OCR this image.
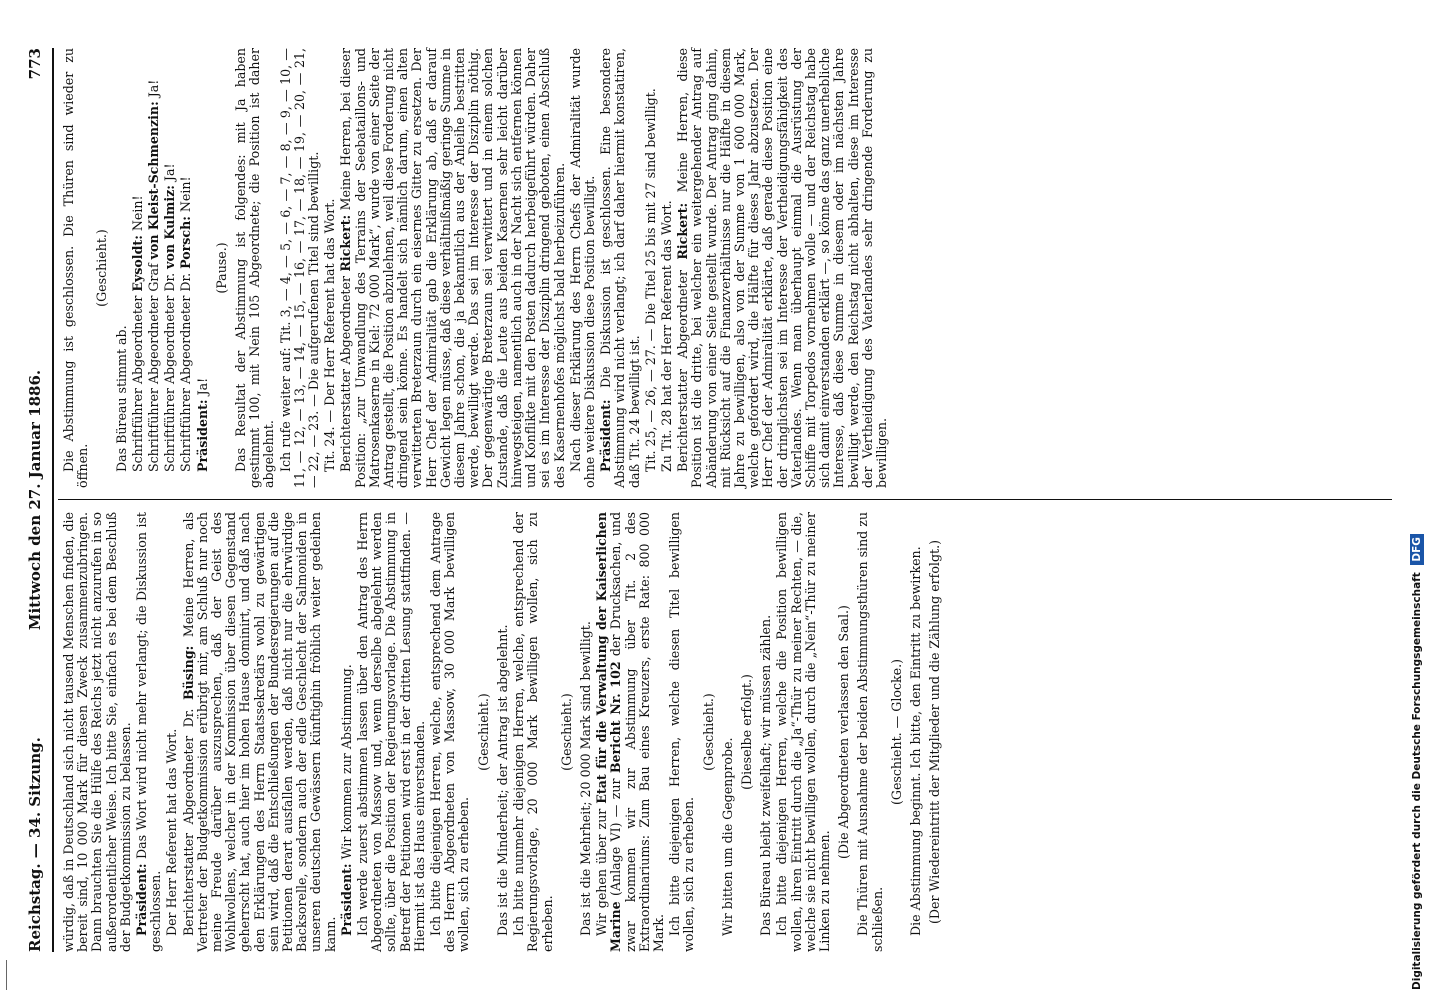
Reichstag. — 34. Sitzung.
Mittwoch den 27. Januar 1886.
773

würdig, daß in Deutschland sich nicht tausend Menschen finden, die bereit sind, 10 000 Mark für diesen Zweck zusammenzubringen. Dann brauchten Sie die Hülfe des Reichs jetzt nicht anzurufen in so außerordentlicher Weise. Ich bitte Sie, einfach es bei dem Beschluß der Budgetkommission zu belassen. Präsident: Das Wort wird nicht mehr verlangt; die Diskussion ist geschlossen. Der Herr Referent hat das Wort. Berichterstatter Abgeordneter Dr. Büsing: Meine Herren, als Vertreter der Budgetkommission erübrigt mir, am Schluß nur noch meine Freude darüber auszusprechen, daß der Geist des Wohlwollens, welcher in der Kommission über diesen Gegenstand geherrscht hat, auch hier im hohen Hause dominirt, und daß nach den Erklärungen des Herrn Staatssekretärs wohl zu gewärtigen sein wird, daß die Entschließungen der Bundesregierungen auf die Petitionen derart ausfallen werden, daß nicht nur die ehrwürdige Backsorelle, sondern auch der edle Geschlecht der Salmoniden in unseren deutschen Gewässern künftighin fröhlich weiter gedeihen kann. Präsident: Wir kommen zur Abstimmung. Ich werde zuerst abstimmen lassen über den Antrag des Herrn Abgeordneten von Massow und, wenn derselbe abgelehnt werden sollte, über die Position der Regierungsvorlage. Die Abstimmung in Betreff der Petitionen wird erst in der dritten Lesung stattfinden. — Hiermit ist das Haus einverstanden. Ich bitte diejenigen Herren, welche, entsprechend dem Antrage des Herrn Abgeordneten von Massow, 30 000 Mark bewilligen wollen, sich zu erheben.

(Geschieht.) Das ist die Minderheit; der Antrag ist abgelehnt. Ich bitte nunmehr diejenigen Herren, welche, entsprechend der Regierungsvorlage, 20 000 Mark bewilligen wollen, sich zu erheben.

(Geschieht.) Das ist die Mehrheit; 20 000 Mark sind bewilligt. Wir gehen über zur Etat für die Verwaltung der Kaiserlichen Marine (Anlage VI) — zur Bericht Nr. 102 der Drucksachen, und zwar kommen wir zur Abstimmung über Tit. 2 des Extraordinariums: Zum Bau eines Kreuzers, erste Rate: 800 000 Mark. Ich bitte diejenigen Herren, welche diesen Titel bewilligen wollen, sich zu erheben.

(Geschieht.)

Wir bitten um die Gegenprobe.

(Dieselbe erfolgt.) Das Büreau bleibt zweifelhaft; wir müssen zählen. Ich bitte diejenigen Herren, welche die Position bewilligen wollen, ihren Eintritt durch die „Ja“-Thür zu meiner Rechten, — die, welche sie nicht bewilligen wollen, durch die „Nein“-Thür zu meiner Linken zu nehmen.

(Die Abgeordneten verlassen den Saal.) Die Thüren mit Ausnahme der beiden Abstimmungsthüren sind zu schließen.

(Geschieht. — Glocke.) Die Abstimmung beginnt. Ich bitte, den Eintritt zu bewirken. (Der Wiedereintritt der Mitglieder und die Zählung erfolgt.)

Die Abstimmung ist geschlossen. Die Thüren sind wieder zu öffnen.

(Geschieht.)

Das Büreau stimmt ab. Schriftführer Abgeordneter Eysoldt: Nein!

Schriftführer Abgeordneter Graf von Kleist-Schmenzin: Ja!

Schriftführer Abgeordneter Dr. von Kulmiz: Ja!

Schriftführer Abgeordneter Dr. Porsch: Nein!

Präsident: Ja!

(Pause.) Das Resultat der Abstimmung ist folgendes: mit Ja haben gestimmt 100, mit Nein 105 Abgeordnete; die Position ist daher abgelehnt. Ich rufe weiter auf: Tit. 3, — 4, — 5, — 6, — 7, — 8, — 9, — 10, — 11, — 12, — 13, — 14, — 15, — 16, — 17, — 18, — 19, — 20, — 21, — 22, — 23. — Die aufgerufenen Titel sind bewilligt. Tit. 24. — Der Herr Referent hat das Wort. Berichterstatter Abgeordneter Rickert: Meine Herren, bei dieser Position: „zur Umwandlung des Terrains der Seebataillons- und Matrosenkaserne in Kiel: 72 000 Mark“, wurde von einer Seite der Antrag gestellt, die Position abzulehnen, weil diese Forderung nicht dringend sein könne. Es handelt sich nämlich darum, einen alten verwitterten Breterzaun durch ein eisernes Gitter zu ersetzen. Der Herr Chef der Admiralität gab die Erklärung ab, daß er darauf Gewicht legen müsse, daß diese verhältnißmäßig geringe Summe in diesem Jahre schon, die ja bekanntlich aus der Anleihe bestritten werde, bewilligt werde. Das sei im Interesse der Disziplin nöthig. Der gegenwärtige Breterzaun sei verwittert und in einem solchen Zustande, daß die Leute aus beiden Kasernen sehr leicht darüber hinwegsteigen, namentlich auch in der Nacht sich entfernen können und Konflikte mit den Posten dadurch herbeigeführt würden. Daher sei es im Interesse der Disziplin dringend geboten, einen Abschluß des Kasernenhofes möglichst bald herbeizuführen. Nach dieser Erklärung des Herrn Chefs der Admiralität wurde ohne weitere Diskussion diese Position bewilligt. Präsident: Die Diskussion ist geschlossen. Eine besondere Abstimmung wird nicht verlangt; ich darf daher hiermit konstatiren, daß Tit. 24 bewilligt ist. Tit. 25, — 26, — 27. — Die Titel 25 bis mit 27 sind bewilligt. Zu Tit. 28 hat der Herr Referent das Wort. Berichterstatter Abgeordneter Rickert: Meine Herren, diese Position ist die dritte, bei welcher ein weitergehender Antrag auf Abänderung von einer Seite gestellt wurde. Der Antrag ging dahin, mit Rücksicht auf die Finanzverhältnisse nur die Hälfte in diesem Jahre zu bewilligen, also von der Summe von 1 600 000 Mark, welche gefordert wird, die Hälfte für dieses Jahr abzusetzen. Der Herr Chef der Admiralität erklärte, daß gerade diese Position eine der dringlichsten sei im Interesse der Vertheidigungsfähigkeit des Vaterlandes. Wenn man überhaupt einmal die Ausrüstung der Schiffe mit Torpedos vornehmen wolle — und der Reichstag habe sich damit einverstanden erklärt —, so könne das ganz unerhebliche Interesse, daß diese Summe in diesem oder im nächsten Jahre bewilligt werde, den Reichstag nicht abhalten, diese im Interesse der Vertheidigung des Vaterlandes sehr dringende Forderung zu bewilligen.

Digitalisierung gefördert durch die Deutsche Forschungsgemeinschaft DFG
